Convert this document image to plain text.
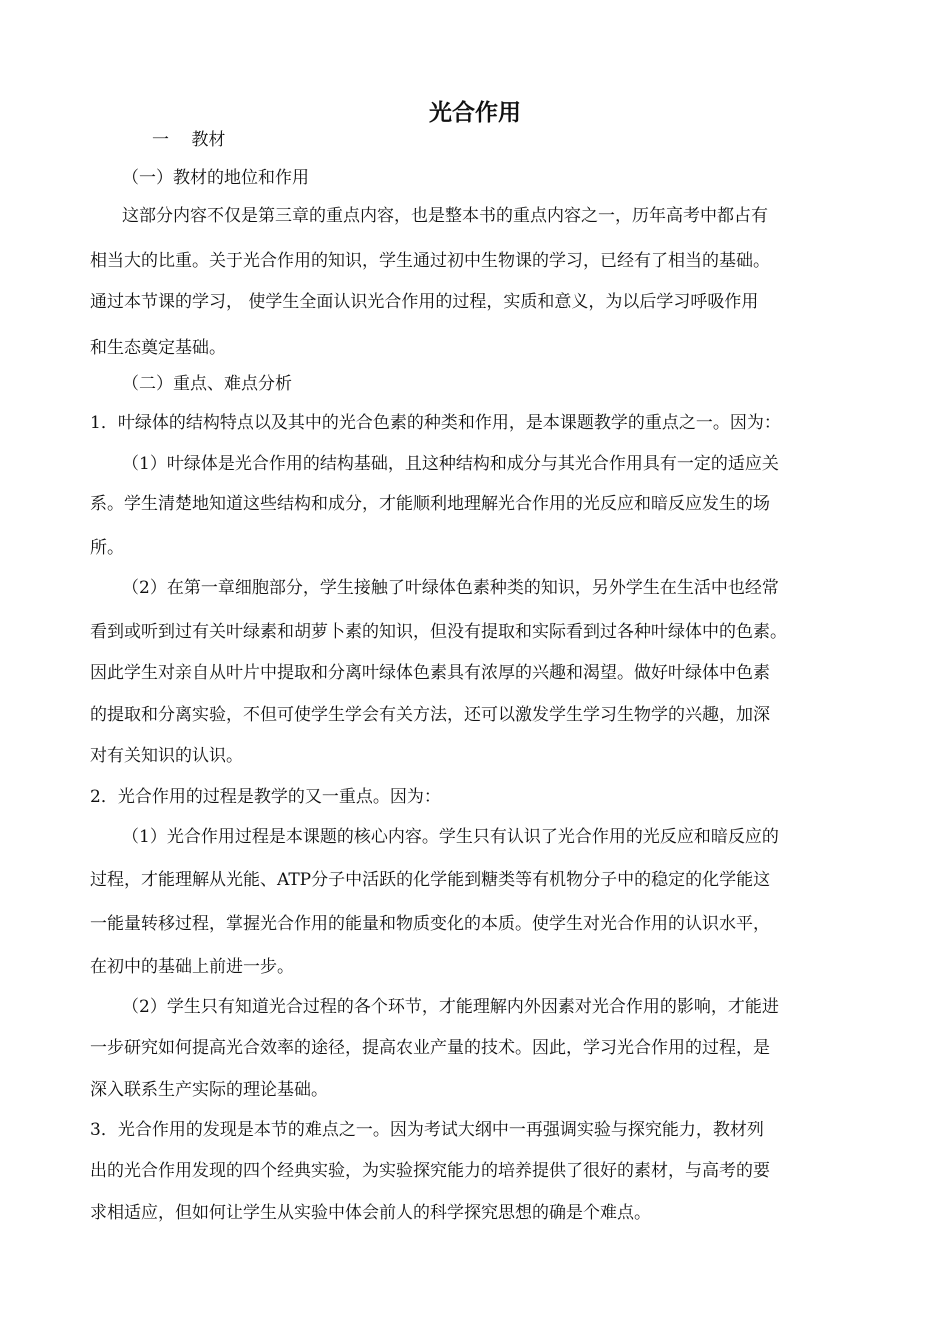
光合作用

一　 教材

（一）教材的地位和作用

这部分内容不仅是第三章的重点内容，也是整本书的重点内容之一，历年高考中都占有

相当大的比重。关于光合作用的知识，学生通过初中生物课的学习，已经有了相当的基础。

通过本节课的学习， 使学生全面认识光合作用的过程，实质和意义，为以后学习呼吸作用

和生态奠定基础。

（二）重点、难点分析

1．叶绿体的结构特点以及其中的光合色素的种类和作用，是本课题教学的重点之一。因为：

（1）叶绿体是光合作用的结构基础，且这种结构和成分与其光合作用具有一定的适应关

系。学生清楚地知道这些结构和成分，才能顺利地理解光合作用的光反应和暗反应发生的场

所。

（2）在第一章细胞部分，学生接触了叶绿体色素种类的知识，另外学生在生活中也经常

看到或听到过有关叶绿素和胡萝卜素的知识，但没有提取和实际看到过各种叶绿体中的色素。

因此学生对亲自从叶片中提取和分离叶绿体色素具有浓厚的兴趣和渴望。做好叶绿体中色素

的提取和分离实验，不但可使学生学会有关方法，还可以激发学生学习生物学的兴趣，加深

对有关知识的认识。

2．光合作用的过程是教学的又一重点。因为：

（1）光合作用过程是本课题的核心内容。学生只有认识了光合作用的光反应和暗反应的

过程，才能理解从光能、ATP分子中活跃的化学能到糖类等有机物分子中的稳定的化学能这

一能量转移过程，掌握光合作用的能量和物质变化的本质。使学生对光合作用的认识水平，

在初中的基础上前进一步。

（2）学生只有知道光合过程的各个环节，才能理解内外因素对光合作用的影响，才能进

一步研究如何提高光合效率的途径，提高农业产量的技术。因此，学习光合作用的过程，是

深入联系生产实际的理论基础。

3．光合作用的发现是本节的难点之一。因为考试大纲中一再强调实验与探究能力，教材列

出的光合作用发现的四个经典实验，为实验探究能力的培养提供了很好的素材，与高考的要

求相适应，但如何让学生从实验中体会前人的科学探究思想的确是个难点。
